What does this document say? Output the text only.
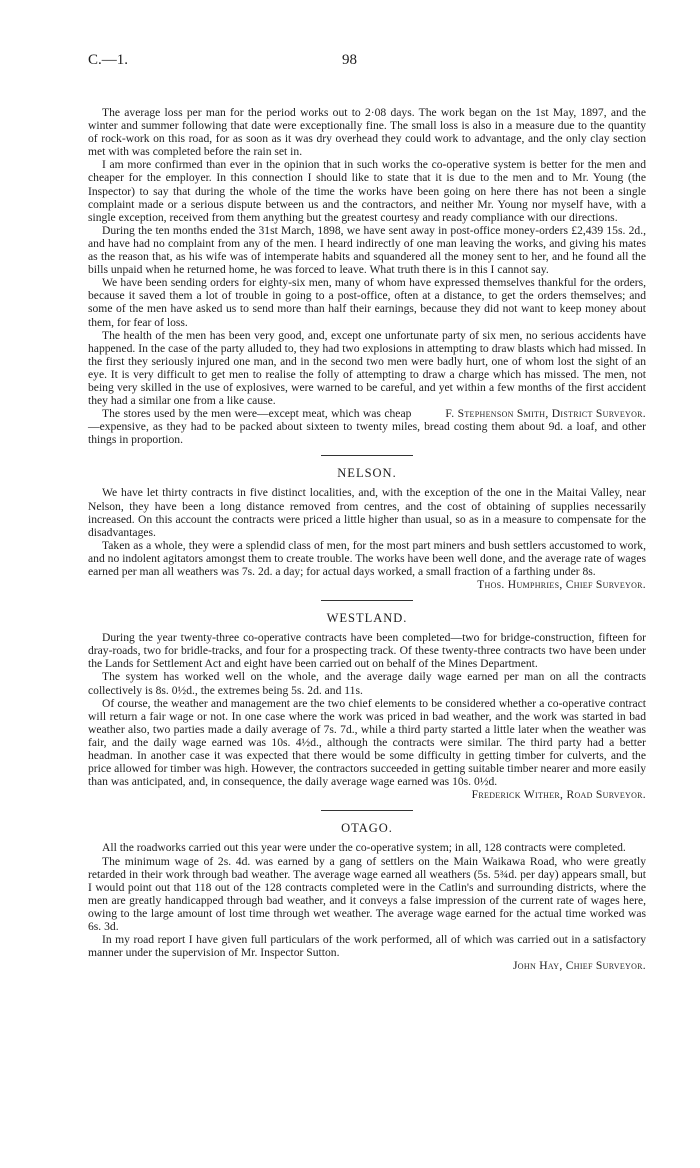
C.—1.	98

The average loss per man for the period works out to 2·08 days. The work began on the 1st May, 1897, and the winter and summer following that date were exceptionally fine. The small loss is also in a measure due to the quantity of rock-work on this road, for as soon as it was dry overhead they could work to advantage, and the only clay section met with was completed before the rain set in.

I am more confirmed than ever in the opinion that in such works the co-operative system is better for the men and cheaper for the employer. In this connection I should like to state that it is due to the men and to Mr. Young (the Inspector) to say that during the whole of the time the works have been going on here there has not been a single complaint made or a serious dispute between us and the contractors, and neither Mr. Young nor myself have, with a single exception, received from them anything but the greatest courtesy and ready compliance with our directions.

During the ten months ended the 31st March, 1898, we have sent away in post-office money-orders £2,439 15s. 2d., and have had no complaint from any of the men. I heard indirectly of one man leaving the works, and giving his mates as the reason that, as his wife was of intemperate habits and squandered all the money sent to her, and he found all the bills unpaid when he returned home, he was forced to leave. What truth there is in this I cannot say.

We have been sending orders for eighty-six men, many of whom have expressed themselves thankful for the orders, because it saved them a lot of trouble in going to a post-office, often at a distance, to get the orders themselves; and some of the men have asked us to send more than half their earnings, because they did not want to keep money about them, for fear of loss.

The health of the men has been very good, and, except one unfortunate party of six men, no serious accidents have happened. In the case of the party alluded to, they had two explosions in attempting to draw blasts which had missed. In the first they seriously injured one man, and in the second two men were badly hurt, one of whom lost the sight of an eye. It is very difficult to get men to realise the folly of attempting to draw a charge which has missed. The men, not being very skilled in the use of explosives, were warned to be careful, and yet within a few months of the first accident they had a similar one from a like cause.

F. Stephenson Smith, District Surveyor.
The stores used by the men were—except meat, which was cheap—expensive, as they had to be packed about sixteen to twenty miles, bread costing them about 9d. a loaf, and other things in proportion.

NELSON.

We have let thirty contracts in five distinct localities, and, with the exception of the one in the Maitai Valley, near Nelson, they have been a long distance removed from centres, and the cost of obtaining of supplies necessarily increased. On this account the contracts were priced a little higher than usual, so as in a measure to compensate for the disadvantages.

Taken as a whole, they were a splendid class of men, for the most part miners and bush settlers accustomed to work, and no indolent agitators amongst them to create trouble. The works have been well done, and the average rate of wages earned per man all weathers was 7s. 2d. a day; for actual days worked, a small fraction of a farthing under 8s.

Thos. Humphries, Chief Surveyor.
WESTLAND.

During the year twenty-three co-operative contracts have been completed—two for bridge-construction, fifteen for dray-roads, two for bridle-tracks, and four for a prospecting track. Of these twenty-three contracts two have been under the Lands for Settlement Act and eight have been carried out on behalf of the Mines Department.

The system has worked well on the whole, and the average daily wage earned per man on all the contracts collectively is 8s. 0½d., the extremes being 5s. 2d. and 11s.

Of course, the weather and management are the two chief elements to be considered whether a co-operative contract will return a fair wage or not. In one case where the work was priced in bad weather, and the work was started in bad weather also, two parties made a daily average of 7s. 7d., while a third party started a little later when the weather was fair, and the daily wage earned was 10s. 4½d., although the contracts were similar. The third party had a better headman. In another case it was expected that there would be some difficulty in getting timber for culverts, and the price allowed for timber was high. However, the contractors succeeded in getting suitable timber nearer and more easily than was anticipated, and, in consequence, the daily average wage earned was 10s. 0½d.

Frederick Wither, Road Surveyor.
OTAGO.

All the roadworks carried out this year were under the co-operative system; in all, 128 contracts were completed.

The minimum wage of 2s. 4d. was earned by a gang of settlers on the Main Waikawa Road, who were greatly retarded in their work through bad weather. The average wage earned all weathers (5s. 5¾d. per day) appears small, but I would point out that 118 out of the 128 contracts completed were in the Catlin's and surrounding districts, where the men are greatly handicapped through bad weather, and it conveys a false impression of the current rate of wages here, owing to the large amount of lost time through wet weather. The average wage earned for the actual time worked was 6s. 3d.

In my road report I have given full particulars of the work performed, all of which was carried out in a satisfactory manner under the supervision of Mr. Inspector Sutton.

John Hay, Chief Surveyor.
